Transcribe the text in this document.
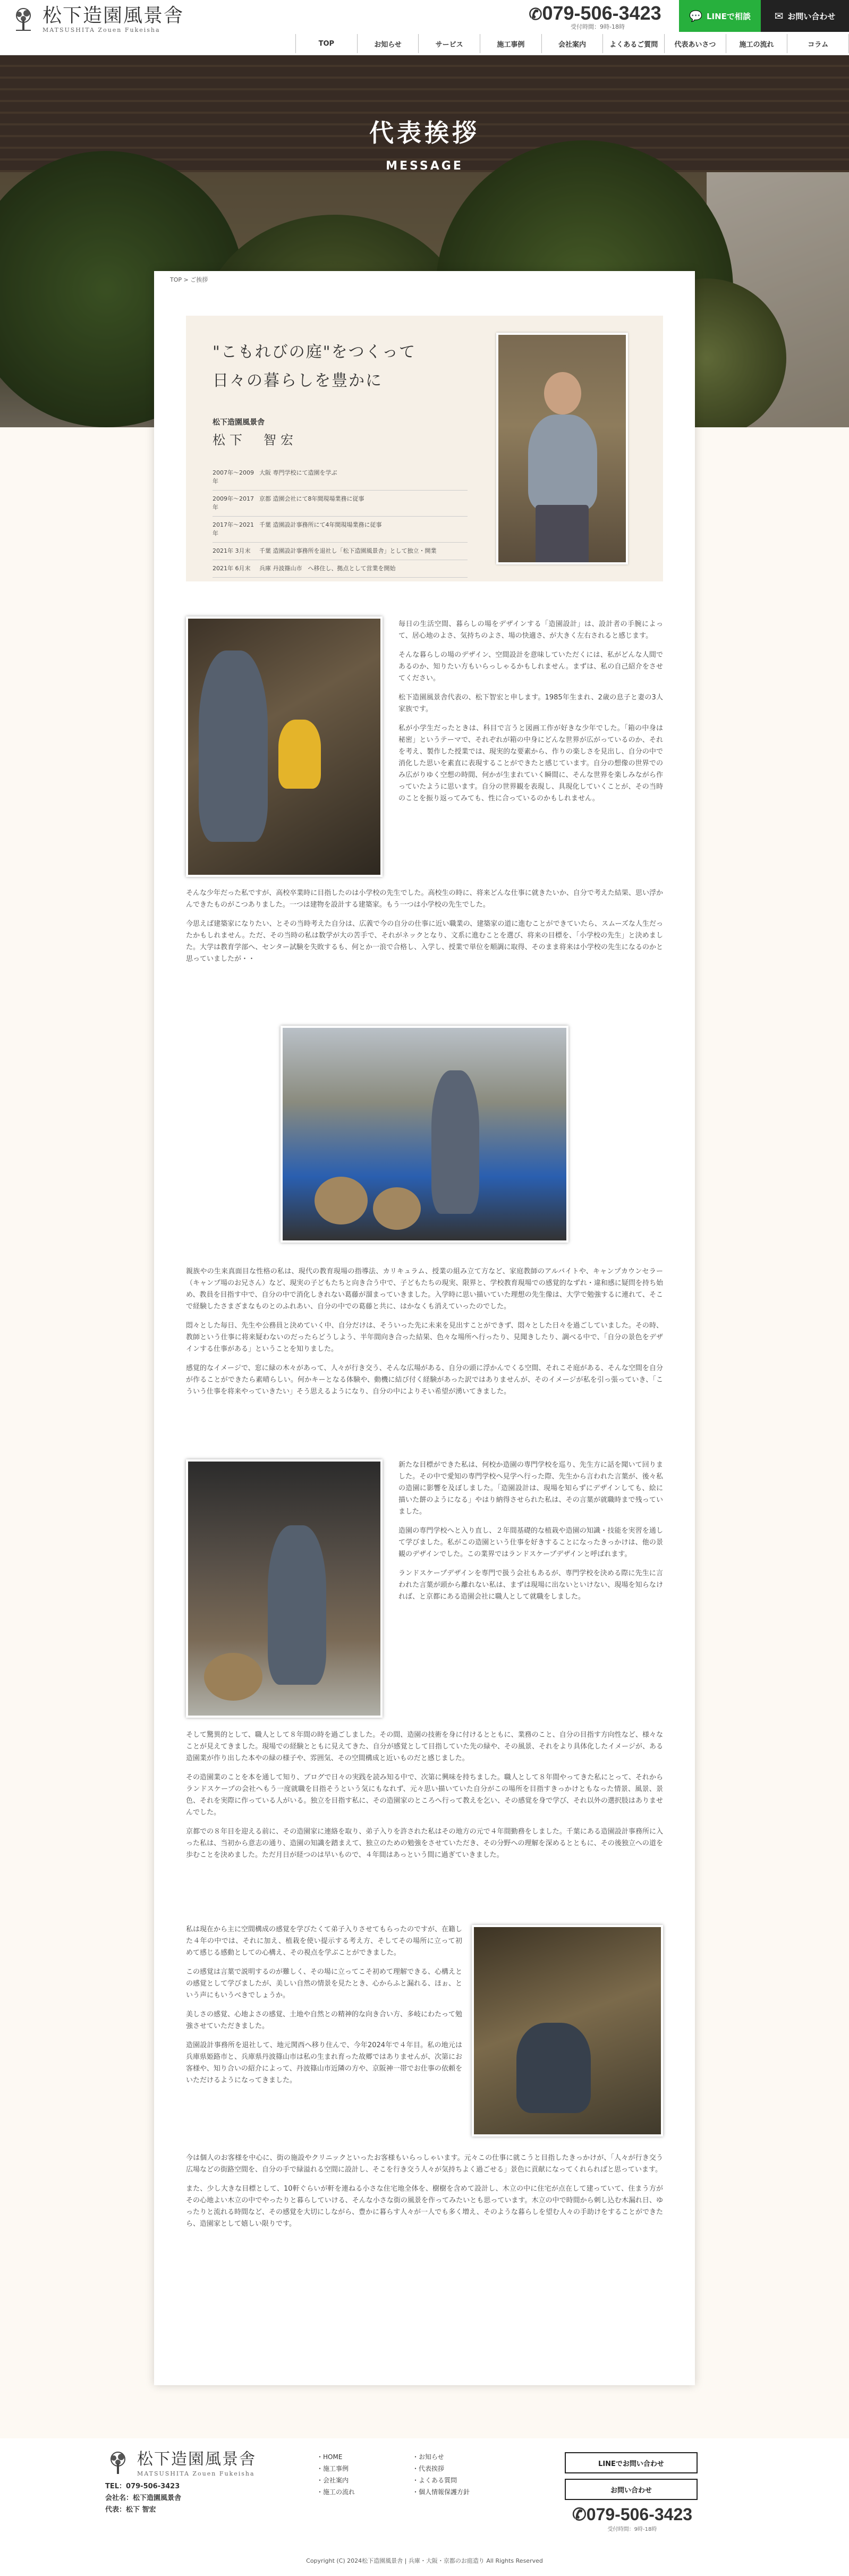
松下造園風景舎
MATSUSHITA Zouen Fukeisha
✆079-506-3423
受付時間：9時-18時
💬 LINEで相談 ✉ お問い合わせ
TOP	お知らせ	サービス	施工事例	会社案内	よくあるご質問	代表あいさつ	施工の流れ	コラム
代表挨拶
MESSAGE
TOP > ご挨拶
"こもれびの庭"をつくって
日々の暮らしを豊かに
松下造園風景舎
松下　智宏
2007年〜2009年
大阪 専門学校にて造園を学ぶ
2009年〜2017年
京都 造園会社にて8年間現場業務に従事
2017年〜2021年
千葉 造園設計事務所にて4年間現場業務に従事
2021年 3月末	千葉 造園設計事務所を退社し「松下造園風景舎」として独立・開業
2021年 6月末	兵庫 丹波篠山市　へ移住し、拠点として営業を開始

毎日の生活空間、暮らしの場をデザインする「造園設計」は、設計者の手腕によって、居心地のよさ、気持ちのよさ、場の快適さ、が大きく左右されると感じます。

そんな暮らしの場のデザイン、空間設計を意味していただくには、私がどんな人間であるのか、知りたい方もいらっしゃるかもしれません。まずは、私の自己紹介をさせてください。

松下造園風景舎代表の、松下智宏と申します。1985年生まれ、2歳の息子と妻の3人家族です。

私が小学生だったときは、科目で言うと図画工作が好きな少年でした。「箱の中身は秘密」というテーマで、それぞれが箱の中身にどんな世界が広がっているのか、それを考え、製作した授業では、現実的な要素から、作りの楽しさを見出し、自分の中で消化した思いを素直に表現することができたと感じています。自分の想像の世界でのみ広がりゆく空想の時間、何かが生まれていく瞬間に、そんな世界を楽しみながら作っていたように思います。自分の世界観を表現し、具現化していくことが、その当時のことを振り返ってみても、性に合っているのかもしれません。

そんな少年だった私ですが、高校卒業時に目指したのは小学校の先生でした。高校生の時に、将来どんな仕事に就きたいか、自分で考えた結果、思い浮かんできたものがこつありました。一つは建物を設計する建築家。もう一つは小学校の先生でした。

今思えば建築家になりたい、とその当時考えた自分は、広義で今の自分の仕事に近い職業の、建築家の道に進むことができていたら、スムーズな人生だったかもしれません。ただ、その当時の私は数学が大の苦手で、それがネックとなり、文系に進むことを選び、将来の目標を、「小学校の先生」と決めました。大学は教育学部へ、センター試験を失敗するも、何とか一浪で合格し、入学し、授業で単位を順調に取得、そのまま将来は小学校の先生になるのかと思っていましたが・・

親族やの生来真面目な性格の私は、現代の教育現場の指導法、カリキュラム、授業の組み立て方など、家庭教師のアルバイトや、キャンプカウンセラー（キャンプ場のお兄さん）など、現実の子どもたちと向き合う中で、子どもたちの現実、限界と、学校教育現場での感覚的なずれ・違和感に疑問を持ち始め、教員を目指す中で、自分の中で消化しきれない葛藤が溜まっていきました。入学時に思い描いていた理想の先生像は、大学で勉強するに連れて、そこで経験したさまざまなものとのふれあい、自分の中での葛藤と共に、はかなくも消えていったのでした。

悶々とした毎日、先生や公務員と決めていく中、自分だけは、そういった先に未来を見出すことができず、悶々とした日々を過ごしていました。その時、教師という仕事に将来疑わないのだったらどうしよう、半年間向き合った結果、色々な場所へ行ったり、見聞きしたり、調べる中で、「自分の景色をデザインする仕事がある」ということを知りました。

感覚的なイメージで、窓に緑の木々があって、人々が行き交う、そんな広場がある、自分の頭に浮かんでくる空間、それこそ庭がある、そんな空間を自分が作ることができたら素晴らしい。何かキーとなる体験や、動機に結び付く経験があった訳ではありませんが、そのイメージが私を引っ張っていき、「こういう仕事を将来やっていきたい」そう思えるようになり、自分の中によりそい希望が湧いてきました。

新たな目標ができた私は、何校か造園の専門学校を巡り、先生方に話を聞いて回りました。その中で愛知の専門学校へ見学へ行った際、先生から言われた言葉が、後々私の造園に影響を及ぼしました。「造園設計は、現場を知らずにデザインしても、絵に描いた餅のようになる」やはり納得させられた私は、その言葉が就職時まで残っていました。

造園の専門学校へと入り直し、２年間基礎的な植栽や造園の知識・技能を実習を通して学びました。私がこの造園という仕事を好きすることになったきっかけは、他の景観のデザインでした。この業界ではランドスケープデザインと呼ばれます。

ランドスケープデザインを専門で扱う会社もあるが、専門学校を決める際に先生に言われた言葉が頭から離れない私は、まずは現場に出ないといけない、現場を知らなければ、と京都にある造園会社に職人として就職をしました。

そして驚異的として、職人として８年間の時を過ごしました。その間、造園の技術を身に付けるとともに、業務のこと、自分の目指す方向性など、様々なことが見えてきました。現場での経験とともに見えてきた、自分が感覚として目指していた先の緑や、その風景、それをより具体化したイメージが、ある造園業が作り出した本やの緑の様子や、雰囲気、その空間構成と近いものだと感じました。

その造園業のことを本を通して知り、ブログで日々の実践を読み知る中で、次第に興味を持ちました。職人として８年間やってきた私にとって、それからランドスケープの会社へもう一度就職を目指そうという気にもなれず、元々思い描いていた自分がこの場所を目指すきっかけともなった情景、風景、景色、それを実際に作っている人がいる。独立を目指す私に、その造園家のところへ行って教えを乞い、その感覚を身で学び、それ以外の選択肢はありませんでした。

京都での８年目を迎える前に、その造園家に連絡を取り、弟子入りを許された私はその地方の元で４年間勤務をしました。千葉にある造園設計事務所に入った私は、当初から意志の通り、造園の知識を踏まえて、独立のための勉強をさせていただき、その分野への理解を深めるとともに、その後独立への道を歩むことを決めました。ただ月日が経つのは早いもので、４年間はあっという間に過ぎていきました。

私は現在から主に空間構成の感覚を学びたくて弟子入りさせてもらったのですが、在籍した４年の中では、それに加え、植栽を使い提示する考え方、そしてその場所に立って初めて感じる感動としての心構え、その視点を学ぶことができました。

この感覚は言葉で説明するのが難しく、その場に立ってこそ初めて理解できる、心構えとの感覚として学びましたが、美しい自然の情景を見たとき、心からふと漏れる、ほぉ、という声にもいうべきでしょうか。

美しさの感覚、心地よさの感覚、土地や自然との精神的な向き合い方、多岐にわたって勉強させていただきました。

造園設計事務所を退社して、地元関西へ移り住んで、今年2024年で４年目。私の地元は兵庫県姫路市と、兵庫県丹波篠山市は私の生まれ育った故郷ではありませんが、次第にお客様や、知り合いの紹介によって、丹波篠山市近隣の方や、京阪神一帯でお仕事の依頼をいただけるようになってきました。

今は個人のお客様を中心に、街の施設やクリニックといったお客様もいらっしゃいます。元々この仕事に就こうと目指したきっかけが、「人々が行き交う広場などの街路空間を、自分の手で緑溢れる空間に設計し、そこを行き交う人々が気持ちよく過ごせる」景色に貢献になってくれらればと思っています。

また、少し大きな目標として、10軒ぐらいが軒を連ねる小さな住宅地全体を、樹樹を含めて設計し、木立の中に住宅が点在して建っていて、住まう方がその心地よい木立の中でやったりと暮らしていける、そんな小さな街の風景を作ってみたいとも思っています。木立の中で時間から刺し込む木漏れ日、ゆったりと流れる時間など、その感覚を大切にしながら、豊かに暮らす人々が一人でも多く増え、そのような暮らしを望む人々の手助けをすることができたら、造園家として嬉しい限りです。

松下造園風景舎
MATSUSHITA Zouen Fukeisha
TEL：079-506-3423
会社名：松下造園風景舎
代表：松下 智宏
・HOME
・施工事例
・会社案内
・施工の流れ
・お知らせ
・代表挨拶
・よくある質問
・個人情報保護方針
LINEでお問い合わせ
お問い合わせ
✆079-506-3423
受付時間：9時-18時
Copyright (C) 2024松下造園風景舎 | 兵庫・大阪・京都のお庭造り All Rights Reserved
